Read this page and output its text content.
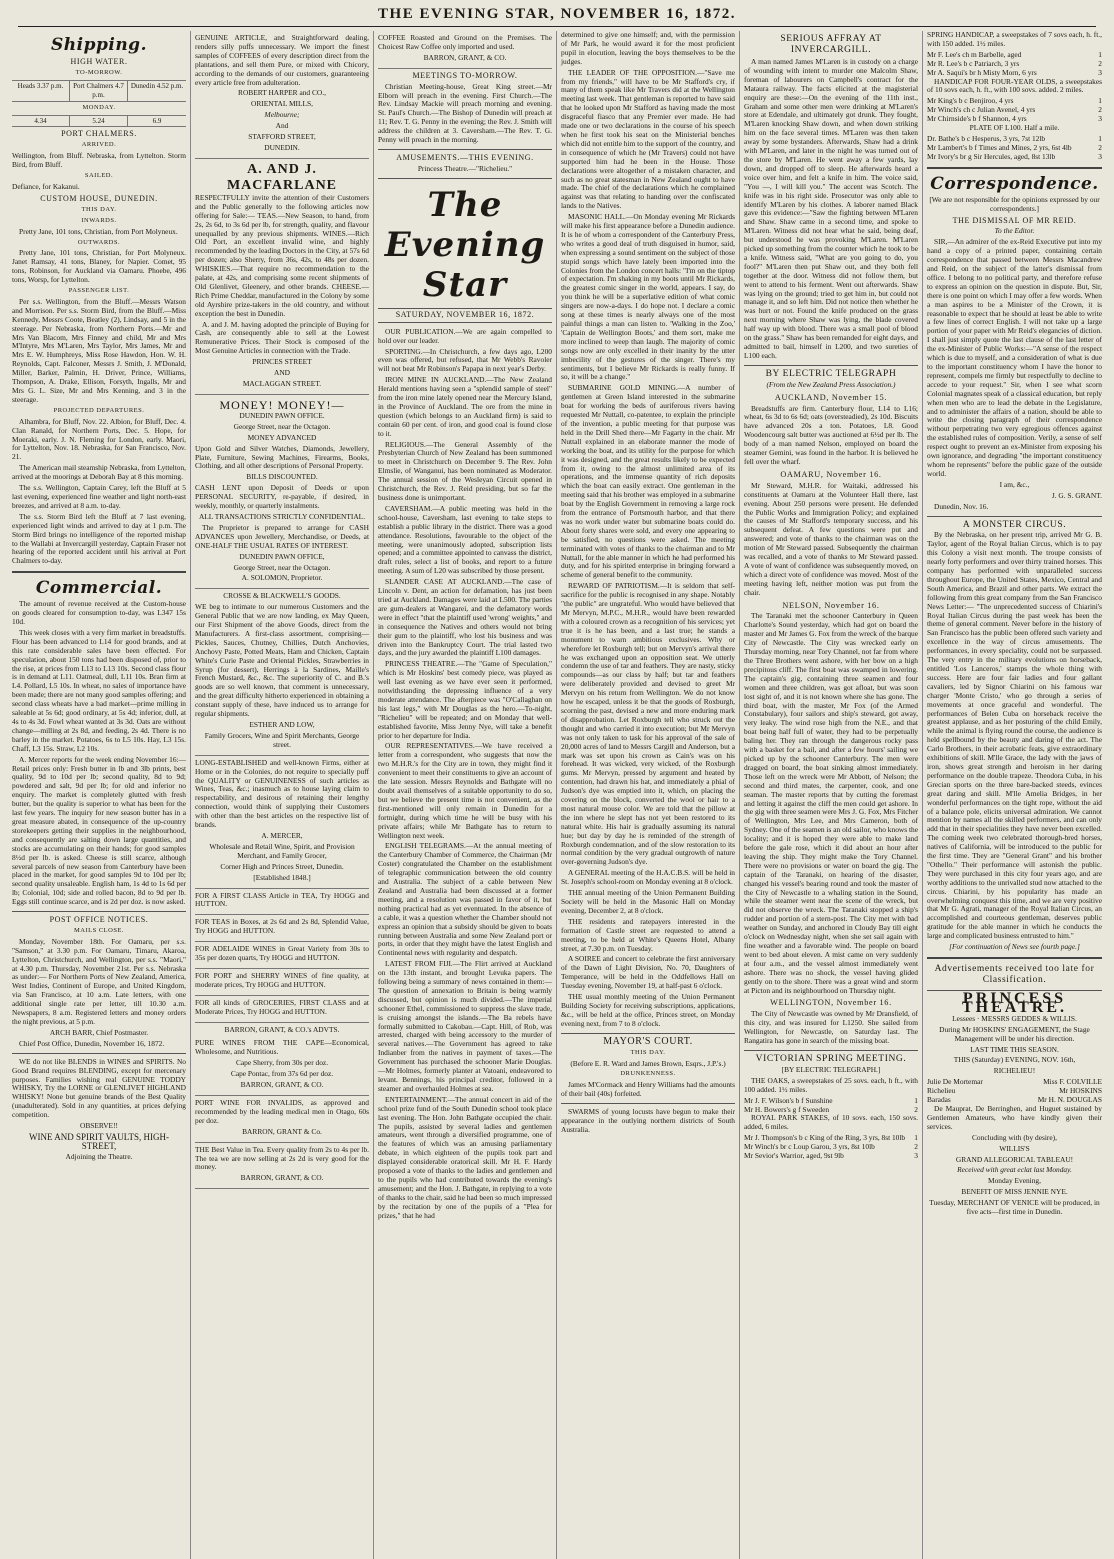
THE EVENING STAR, NOVEMBER 16, 1872.
Shipping.
HIGH WATER.
TO-MORROW.
Heads 3.37 p.m.	Port Chalmers 4.7 p.m.
Dunedin 4.52 p.m.
MONDAY.
4.34	5.24	6.9
PORT CHALMERS.
ARRIVED.

Wellington, from Bluff. Nebraska, from Lyttelton. Storm Bird, from Bluff.

SAILED.

Defiance, for Kakanui.

CUSTOM HOUSE, DUNEDIN.
THIS DAY.
INWARDS.

Pretty Jane, 101 tons, Christian, from Port Molyneux.

OUTWARDS.

Pretty Jane, 101 tons, Christian, for Port Molyneux. Janet Ramsay, 41 tons, Blaney, for Napier. Comet, 95 tons, Robinson, for Auckland via Oamaru. Phoebe, 496 tons, Worsp, for Lyttelton.

PASSENGER LIST.

Per s.s. Wellington, from the Bluff.—Messrs Watson and Morrison. Per s.s. Storm Bird, from the Bluff.—Miss Kennedy, Messrs Coote, Beatley (2), Lindsay, and 5 in the steerage. Per Nebraska, from Northern Ports.—Mr and Mrs Van Blacom, Mrs Finney and child, Mr and Mrs M'Intyre, Mrs M'Laren, Mrs Taylor, Mrs James, Mr and Mrs E. W. Humphreys, Miss Rose Hawdon, Hon. W. H. Reynolds, Capt. Falconer, Messrs J. Smith, J. M'Donald, Miller, Barker, Palmin, H. Driver, Prince, Williams, Thompson, A. Drake, Ellison, Forsyth, Ingalls, Mr and Mrs G. L. Size, Mr and Mrs Kenning, and 3 in the steerage.

PROJECTED DEPARTURES.

Alhambra, for Bluff, Nov. 22. Albion, for Bluff, Dec. 4. Clan Ranald, for Northern Ports, Dec. 5. Hope, for Moeraki, early. J. N. Fleming for London, early. Maori, for Lyttelton, Nov. 18. Nebraska, for San Francisco, Nov. 21.

The American mail steamship Nebraska, from Lyttelton, arrived at the moorings at Deborah Bay at 8 this morning.

The s.s. Wellington, Captain Carey, left the Bluff at 5 last evening, experienced fine weather and light north-east breezes, and arrived at 8 a.m. to-day.

The s.s. Storm Bird left the Bluff at 7 last evening, experienced light winds and arrived to day at 1 p.m. The Storm Bird brings no intelligence of the reported mishap to the Wallabi at Invercargill yesterday, Captain Fraser not hearing of the reported accident until his arrival at Port Chalmers to-day.

Commercial.

The amount of revenue received at the Custom-house on goods cleared for consumption to-day, was L347 15s 10d.

This week closes with a very firm market in breadstuffs. Flour has been advanced to L14 for good brands, and at this rate considerable sales have been effected. For speculation, about 150 tons had been disposed of, prior to the rise, at prices from L13 to L13 10s. Second class flour is in demand at L11. Oatmeal, dull, L11 10s. Bran firm at L4. Pollard, L5 10s. In wheat, no sales of importance have been made; there are not many good samples offering; and second class wheats have a bad market—prime milling in saleable at 5s 6d; good ordinary, at 5s 4d; inferior, dull, at 4s to 4s 3d. Fowl wheat wanted at 3s 3d. Oats are without change—milling at 2s 8d, and feeding, 2s 4d. There is no barley in the market. Potatoes, 6s to L5 10s. Hay, L3 15s. Chaff, L3 15s. Straw, L2 10s.

A. Mercer reports for the week ending November 16:—Retail prices only: Fresh butter in lb and 3lb prints, best quality, 9d to 10d per lb; second quality, 8d to 9d; powdered and salt, 9d per lb; for old and inferior no enquiry. The market is completely glutted with fresh butter, but the quality is superior to what has been for the last few years. The inquiry for new season butter has in a great measure abated, in consequence of the up-country storekeepers getting their supplies in the neighbourhood, and consequently are salting down large quantities, and stocks are accumulating on their hands; for good samples 8½d per lb. is asked. Cheese is still scarce, although several parcels of new season from Canterbury have been placed in the market, for good samples 9d to 10d per lb; second quality unsaleable. English ham, 1s 4d to 1s 6d per lb; Colonial, 10d; side and rolled bacon, 8d to 9d per lb. Eggs still continue scarce, and is 2d per doz. is now asked.

POST OFFICE NOTICES.
MAILS CLOSE.

Monday, November 18th. For Oamaru, per s.s. "Samson," at 3.30 p.m. For Oamaru, Timaru, Akaroa, Lyttelton, Christchurch, and Wellington, per s.s. "Maori," at 4.30 p.m. Thursday, November 21st. Per s.s. Nebraska as under:— For Northern Ports of New Zealand, America, West Indies, Continent of Europe, and United Kingdom, via San Francisco, at 10 a.m. Late letters, with one additional single rate per letter, till 10.30 a.m. Newspapers, 8 a.m. Registered letters and money orders the night previous, at 5 p.m.

ARCH BARR, Chief Postmaster.

Chief Post Office, Dunedin, November 16, 1872.

WE do not like BLENDS in WINES and SPIRITS. No Good Brand requires BLENDING, except for mercenary purposes. Families wishing real GENUINE TODDY WHISKY, Try the LORNE or GLENLIVET HIGHLAND WHISKY! None but genuine brands of the Best Quality (unadulterated). Sold in any quantities, at prices defying competition.

OBSERVE!!

WINE AND SPIRIT VAULTS, HIGH-STREET,

Adjoining the Theatre.

GENUINE ARTICLE, and Straightforward dealing, renders silly puffs unnecessary. We import the finest samples of COFFEES of every description direct from the plantations, and sell them Pure, or mixed with Chicory, according to the demands of our customers, guaranteeing every article free from adulteration.

ROBERT HARPER and CO.,

ORIENTAL MILLS,

Melbourne;

And

STAFFORD STREET,

DUNEDIN.

A. AND J. MACFARLANE

RESPECTFULLY invite the attention of their Customers and the Public generally to the following articles now offering for Sale:— TEAS.—New Season, to hand, from 2s, 2s 6d, to 3s 6d per lb, for strength, quality, and flavour unequalled by any previous shipments. WINES.—Rich Old Port, an excellent invalid wine, and highly recommended by the leading Doctors in the City, at 57s 6d per dozen; also Sherry, from 36s, 42s, to 48s per dozen. WHISKIES.—That require no recommendation to the palate, at 42s, and comprising some recent shipments of Old Glenlivet, Gleenery, and other brands. CHEESE.—Rich Prime Cheddar, manufactured in the Colony by some old Ayrshire prize-takers in the old country, and without exception the best in Dunedin.

A. and J. M. having adopted the principle of Buying for Cash, are consequently able to sell at the Lowest Remunerative Prices. Their Stock is composed of the Most Genuine Articles in connection with the Trade.

PRINCES STREET

AND

MACLAGGAN STREET.

MONEY! MONEY!—

DUNEDIN PAWN OFFICE.

George Street, near the Octagon.

MONEY ADVANCED

Upon Gold and Silver Watches, Diamonds, Jewellery, Plate, Furniture, Sewing Machines, Firearms, Books, Clothing, and all other descriptions of Personal Property.

BILLS DISCOUNTED.

CASH LENT upon Deposit of Deeds or upon PERSONAL SECURITY, re-payable, if desired, in weekly, monthly, or quarterly instalments.

ALL TRANSACTIONS STRICTLY CONFIDENTIAL.

The Proprietor is prepared to arrange for CASH ADVANCES upon Jewellery, Merchandise, or Deeds, at ONE-HALF THE USUAL RATES OF INTEREST.

DUNEDIN PAWN OFFICE,

George Street, near the Octagon.

A. SOLOMON, Proprietor.

CROSSE & BLACKWELL'S GOODS.

WE beg to intimate to our numerous Customers and the General Public that we are now landing, ex May Queen, our First Shipment of the above Goods, direct from the Manufacturers. A first-class assortment, comprising— Pickles, Sauces, Chutney, Chillies, Dutch Anchovies, Anchovy Paste, Potted Meats, Ham and Chicken, Captain White's Curie Paste and Oriental Pickles, Strawberries in Syrup (for dessert), Herrings à la Sardines, Maille's French Mustard, &c., &c. The superiority of C. and B.'s goods are so well known, that comment is unnecessary, and the great difficulty hitherto experienced in obtaining a constant supply of these, have induced us to arrange for regular shipments.

ESTHER AND LOW,

Family Grocers, Wine and Spirit Merchants, George street.

LONG-ESTABLISHED and well-known Firms, either at Home or in the Colonies, do not require to specially puff the QUALITY or GENUINENESS of such articles as Wines, Teas, &c.; inasmuch as to house laying claim to respectability, and desirous of retaining their lengthy connection, would think of supplying their Customers with other than the best articles on the respective list of brands.

A. MERCER,

Wholesale and Retail Wine, Spirit, and Provision Merchant, and Family Grocer,

Corner High and Princes Street, Dunedin.

[Established 1848.]

FOR A FIRST CLASS Article in TEA, Try HOGG and HUTTON.

FOR TEAS in Boxes, at 2s 6d and 2s 8d, Splendid Value, Try HOGG and HUTTON.

FOR ADELAIDE WINES in Great Variety from 30s to 35s per dozen quarts, Try HOGG and HUTTON.

FOR PORT and SHERRY WINES of fine quality, at moderate prices, Try HOGG and HUTTON.

FOR all kinds of GROCERIES, FIRST CLASS and at Moderate Prices, Try HOGG and HUTTON.

BARRON, GRANT, & CO.'s ADVTS.

PURE WINES FROM THE CAPE—Economical, Wholesome, and Nutritious.

Cape Sherry, from 30s per doz.

Cape Pontac, from 37s 6d per doz.

BARRON, GRANT, & CO.

PORT WINE FOR INVALIDS, as approved and recommended by the leading medical men in Otago, 60s per doz.

BARRON, GRANT & Co.

THE Best Value in Tea. Every quality from 2s to 4s per lb. The tea we are now selling at 2s 2d is very good for the money.

BARRON, GRANT, & CO.

COFFEE Roasted and Ground on the Premises. The Choicest Raw Coffee only imported and used.

BARRON, GRANT, & CO.

MEETINGS TO-MORROW.

Christian Meeting-house, Great King street.—Mr Elborn will preach in the evening. First Church.—The Rev. Lindsay Mackie will preach morning and evening. St. Paul's Church.—The Bishop of Dunedin will preach at 11; Rev. T. G. Penny in the evening; the Rev. J. Smith will address the children at 3. Caversham.—The Rev. T. G. Penny will preach in the morning.

AMUSEMENTS.—THIS EVENING.

Princess Theatre.—"Richelieu."

The Evening Star
SATURDAY, NOVEMBER 16, 1872.

OUR PUBLICATION.—We are again compelled to hold over our leader.

SPORTING.—In Christchurch, a few days ago, L200 even was offered, but refused, that Mr Webb's Ravoler will not beat Mr Robinson's Papapa in next year's Derby.

IRON MINE IN AUCKLAND.—The New Zealand Herald mentions having seen a "splendid sample of steel" from the iron mine lately opened near the Mercury Island, in the Province of Auckland. The ore from the mine in question (which belongs to an Auckland firm) is said to contain 60 per cent. of iron, and good coal is found close to it.

RELIGIOUS.—The General Assembly of the Presbyterian Church of New Zealand has been summoned to meet in Christchurch on December 9. The Rev. John Elmslie, of Wanganui, has been nominated as Moderator. The annual session of the Wesleyan Circuit opened in Christchurch, the Rev. J. Reid presiding, but so far the business done is unimportant.

CAVERSHAM.—A public meeting was held in the school-house, Caversham, last evening to take steps to establish a public library in the district. There was a good attendance. Resolutions, favourable to the object of the meeting, were unanimously adopted, subscription lists opened; and a committee appointed to canvass the district, draft rules, select a list of books, and report to a future meeting. A sum of L20 was subscribed by those present.

SLANDER CASE AT AUCKLAND.—The case of Lincoln v. Dent, an action for defamation, has just been tried at Auckland. Damages were laid at L500. The parties are gum-dealers at Wangarei, and the defamatory words were in effect "that the plaintiff used 'wrong' weights," and in consequence the Natives and others would not bring their gum to the plaintiff, who lost his business and was driven into the Bankruptcy Court. The trial lasted two days, and the jury awarded the plaintiff L100 damages.

PRINCESS THEATRE.—The "Game of Speculation," which is Mr Hoskins' best comedy piece, was played as well last evening as we have ever seen it performed, notwithstanding the depressing influence of a very moderate attendance. The afterpiece was "O'Callaghan on his last legs," with Mr Douglas as the hero.—To-night, "Richelieu" will be repeated; and on Monday that well-established favorite, Miss Jenny Nye, will take a benefit prior to her departure for India.

OUR REPRESENTATIVES.—We have received a letter from a correspondent, who suggests that now the two M.H.R.'s for the City are in town, they might find it convenient to meet their constituents to give an account of the late session. Messrs Reynolds and Bathgate will no doubt avail themselves of a suitable opportunity to do so, but we believe the present time is not convenient, as the first-mentioned will only remain in Dunedin for a fortnight, during which time he will be busy with his private affairs; while Mr Bathgate has to return to Wellington next week.

ENGLISH TELEGRAMS.—At the annual meeting of the Canterbury Chamber of Commerce, the Chairman (Mr Coster) congratulated the Chamber on the establishment of telegraphic communication between the old country and Australia. The subject of a cable between New Zealand and Australia had been discussed at a former meeting, and a resolution was passed in favor of it, but nothing practical had as yet eventuated. In the absence of a cable, it was a question whether the Chamber should not express an opinion that a subsidy should be given to boats running between Australia and some New Zealand port or ports, in order that they might have the latest English and Continental news with regularity and despatch.

LATEST FROM FIJI.—The Flirt arrived at Auckland on the 13th instant, and brought Levuka papers. The following being a summary of news contained in them:—The question of annexation to Britain is being warmly discussed, but opinion is much divided.—The imperial schooner Ethel, commissioned to suppress the slave trade, is cruising amongst the islands.—The Ba rebels have formally submitted to Cakobau.—Capt. Hill, of Rob, was arrested, charged with being accessory to the murder of several natives.—The Government has agreed to take Indianber from the natives in payment of taxes.—The Government has purchased the schooner Marie Douglas.—Mr Holmes, formerly planter at Vatoani, endeavored to levant. Bennings, his principal creditor, followed in a steamer and overhauled Holmes at sea.

ENTERTAINMENT.—The annual concert in aid of the school prize fund of the South Dunedin school took place last evening. The Hon. John Bathgate occupied the chair. The pupils, assisted by several ladies and gentlemen amateurs, went through a diversified programme, one of the features of which was an amusing parliamentary debate, in which eighteen of the pupils took part and displayed considerable oratorical skill. Mr H. F. Hardy proposed a vote of thanks to the ladies and gentlemen and to the pupils who had contributed towards the evening's amusement; and the Hon. J. Bathgate, in replying to a vote of thanks to the chair, said he had been so much impressed by the recitation by one of the pupils of a "Plea for prizes," that he had

determined to give one himself; and, with the permission of Mr Park, he would award it for the most proficient pupil in elocution, leaving the boys themselves to be the judges.

THE LEADER OF THE OPPOSITION.—"Save me from my friends," will have to be Mr Stafford's cry, if many of them speak like Mr Travers did at the Wellington meeting last week. That gentleman is reported to have said that he looked upon Mr Stafford as having made the most disgraceful fiasco that any Premier ever made. He had made one or two declarations in the course of his speech when he first took his seat on the Ministerial benches which did not entitle him to the support of the country, and in consequence of which he (Mr Travers) could not have supported him had he been in the House. Those declarations were altogether of a mistaken character, and such as no great statesman in New Zealand ought to have made. The chief of the declarations which he complained against was that relating to handing over the confiscated lands to the Natives.

MASONIC HALL.—On Monday evening Mr Rickards will make his first appearance before a Dunedin audience. It is he of whom a correspondent of the Canterbury Press, who writes a good deal of truth disguised in humor, said, when expressing a sound sentiment on the subject of those stupid songs which have lately been imported into the Colonies from the London concert halls: "I'm on the tiptop of expectation. I'm shaking in my boots until Mr Rickards, the greatest comic singer in the world, appears. I say, do you think he will be a superlative edition of what comic singers are now-a-days. I do hope not. I declare a comic song at these times is nearly always one of the most painful things a man can listen to. 'Walking in the Zoo,' 'Captain de Wellington Boots,' and them sort, make me more inclined to weep than laugh. The majority of comic songs now are only excelled in their inanity by the utter imbecility of the gestures of the singer. There's my sentiments, but I believe Mr Rickards is really funny. If so, it will be a change."

SUBMARINE GOLD MINING.—A number of gentlemen at Green Island interested in the submarine boat for working the beds of auriferous rivers having requested Mr Nuttall, co-patentee, to explain the principle of the invention, a public meeting for that purpose was held in the Drill Shed there—Mr Fagarty in the chair. Mr Nuttall explained in an elaborate manner the mode of working the boat, and its utility for the purpose for which it was designed, and the great results likely to be expected from it, owing to the almost unlimited area of its operations, and the immense quantity of rich deposits which the boat can easily extract. One gentleman in the meeting said that his brother was employed in a submarine boat by the English Government in removing a large rock from the entrance of Portsmouth harbor, and that there was no work under water but submarine boats could do. About forty shares were sold, and every one appearing to be satisfied, no questions were asked. The meeting terminated with votes of thanks to the chairman and to Mr Nuttall, for the able manner in which he had performed his duty, and for his spirited enterprise in bringing forward a scheme of general benefit to the community.

REWARD OF PATRIOTISM.—It is seldom that self-sacrifice for the public is recognised in any shape. Notably "the public" are ungrateful. Who would have believed that Mr Mervyn, M.P.C., M.H.R., would have been rewarded with a coloured crown as a recognition of his services; yet true it is he has been, and a last true; he stands a monument to warn ambitious exclusives. Why or wherefore let Roxburgh tell; but on Mervyn's arrival there he was exchanged upon an opposition seat. We utterly condemn the use of tar and feathers. They are nasty, sticky compounds—as our class by half; but tar and feathers were deliberately provided and devised to greet Mr Mervyn on his return from Wellington. We do not know how he escaped, unless it be that the goods of Roxburgh, scorning the past, devised a new and more enduring mark of disapprobation. Let Roxburgh tell who struck out the thought and who carried it into execution; but Mr Mervyn was not only taken to task for his approval of the sale of 20,000 acres of land to Messrs Cargill and Anderson, but a mark was set upon his crown as Cain's was on his forehead. It was wicked, very wicked, of the Roxburgh gums. Mr Mervyn, pressed by argument and heated by contention, had drawn his hat, and immediately a phial of Judson's dye was emptied into it, which, on placing the covering on the block, converted the wool or hair to a most natural mouse color. We are told that the pillow at the inn where he slept has not yet been restored to its natural white. His hair is gradually assuming its natural hue; but day by day he is reminded of the strength of Roxburgh condemnation, and of the slow restoration to its normal condition by the very gradual outgrowth of nature over-governing Judson's dye.

A GENERAL meeting of the H.A.C.B.S. will be held in St. Joseph's school-room on Monday evening at 8 o'clock.

THE annual meeting of the Union Permanent Building Society will be held in the Masonic Hall on Monday evening, December 2, at 8 o'clock.

THE residents and ratepayers interested in the formation of Castle street are requested to attend a meeting, to be held at White's Queens Hotel, Albany street, at 7.30 p.m. on Tuesday.

A SOIREE and concert to celebrate the first anniversary of the Dawn of Light Division, No. 70, Daughters of Temperance, will be held in the Oddfellows Hall on Tuesday evening, November 19, at half-past 6 o'clock.

THE usual monthly meeting of the Union Permanent Building Society for receiving subscriptions, applications, &c., will be held at the office, Princes street, on Monday evening next, from 7 to 8 o'clock.

MAYOR'S COURT.
THIS DAY.

(Before E. R. Ward and James Brown, Esqrs., J.P.'s.)

DRUNKENNESS.

James M'Cormack and Henry Williams had the amounts of their bail (40s) forfeited.

SWARMS of young locusts have begun to make their appearance in the outlying northern districts of South Australia.

SERIOUS AFFRAY AT INVERCARGILL.

A man named James M'Laren is in custody on a charge of wounding with intent to murder one Malcolm Shaw, foreman of labourers on Campbell's contract for the Mataura railway. The facts elicited at the magisterial enquiry are these:—On the evening of the 11th inst., Graham and some other men were drinking at M'Laren's store at Edendale, and ultimately got drunk. They fought, M'Laren knocking Shaw down, and when down striking him on the face several times. M'Laren was then taken away by some bystanders. Afterwards, Shaw had a drink with M'Laren, and later in the night he was turned out of the store by M'Laren. He went away a few yards, lay down, and dropped off to sleep. He afterwards heard a voice over him, and felt a knife in him. The voice said, "You —, I will kill you." The accent was Scotch. The knife was in his right side. Prosecutor was only able to identify M'Laren by his clothes. A laborer named Black gave this evidence:—"Saw the fighting between M'Laren and Shaw. Shaw came in a second time, and spoke to M'Laren. Witness did not hear what he said, being deaf, but understood he was provoking M'Laren. M'Laren picked up something from the counter which he took to be a knife. Witness said, "What are you going to do, you fool?" M'Laren then put Shaw out, and they both fell together at the door. Witness did not follow them, but went to attend to his ferment. Went out afterwards. Shaw was lying on the ground; tried to get him in, but could not manage it, and so left him. Did not notice then whether he was hurt or not. Found the knife produced on the grass next morning where Shaw was lying, the blade covered half way up with blood. There was a small pool of blood on the grass." Shaw has been remanded for eight days, and admitted to bail, himself in L200, and two sureties of L100 each.

BY ELECTRIC TELEGRAPH

(From the New Zealand Press Association.)

AUCKLAND, November 15.

Breadstuffs are firm. Canterbury flour, L14 to L16; wheat, 6s 3d to 6s 6d; oats (oversteadied), 2s 10d. Biscuits have advanced 20s a ton. Potatoes, L8. Good Woodencourg salt butter was auctioned at 6½d per lb. The body of a man named Nelson, employed on board the steamer Gemini, was found in the harbor. It is believed he fell over the wharf.

OAMARU, November 16.

Mr Steward, M.H.R. for Waitaki, addressed his constituents at Oamaru at the Volunteer Hall there, last evening. About 250 persons were present. He defended the Public Works and Immigration Policy; and explained the causes of Mr Stafford's temporary success, and his subsequent defeat. A few questions were put and answered; and vote of thanks to the chairman was on the motion of Mr Steward passed. Subsequently the chairman was recalled, and a vote of thanks to Mr Steward passed. A vote of want of confidence was subsequently moved, on which a direct vote of confidence was moved. Most of the meeting having left, neither motion was put from the chair.

NELSON, November 16.

The Taranaki met the schooner Canterbury in Queen Charlotte's Sound yesterday, which had got on board the master and Mr James G. Fox from the wreck of the barque City of Newcastle. The City was wrecked early on Thursday morning, near Tory Channel, not far from where the Three Brothers went ashore, with her bow on a high precipitous cliff. The first boat was swamped in lowering. The captain's gig, containing three seamen and four women and three children, was got afloat, but was soon lost sight of, and it is not known where she has gone. The third boat, with the master, Mr Fox (of the Armed Constabulary), four sailors and ship's steward, got away, very leaky. The wind rose high from the N.E., and that boat being half full of water, they had to be perpetually baling her. They ran through the dangerous rocky pass with a basket for a bail, and after a few hours' sailing we picked up by the schooner Canterbury. The men were dragged on board, the boat sinking almost immediately. Those left on the wreck were Mr Abbott, of Nelson; the second and third mates, the carpenter, cook, and one seaman. The master reports that by cutting the foremast and letting it against the cliff the men could get ashore. In the gig with three seamen were Mrs J. G. Fox, Mrs Fitcher of Wellington, Mrs Lee, and Mrs Cameron, both of Sydney. One of the seamen is an old sailor, who knows the locality; and it is hoped they were able to make land before the gale rose, which it did about an hour after leaving the ship. They might make the Tory Channel. There were no provisions or water on board the gig. The captain of the Taranaki, on hearing of the disaster, changed his vessel's bearing round and took the master of the City of Newcastle to a whaling station in the Sound, while the steamer went near the scene of the wreck, but did not observe the wreck. The Taranaki stopped a ship's rudder and portion of a stern-post. The City met with bad weather on Sunday, and anchored in Cloudy Bay till eight o'clock on Wednesday night, when she set sail again with fine weather and a favorable wind. The people on board went to bed about eleven. A mist came on very suddenly at four a.m., and the vessel almost immediately went ashore. There was no shock, the vessel having glided gently on to the shore. There was a great wind and storm at Picton and its neighbourhood on Thursday night.

WELLINGTON, November 16.

The City of Newcastle was owned by Mr Dransfield, of this city, and was insured for L1250. She sailed from Wellington, for Newcastle, on Saturday last. The Rangatira has gone in search of the missing boat.

VICTORIAN SPRING MEETING.

[BY ELECTRIC TELEGRAPH.]

THE OAKS, a sweepstakes of 25 sovs. each, h ft., with 100 added. 1½ miles.

Mr J. F. Wilson's b f Sunshine	1
Mr H. Bowers's g f Sweeden	2

ROYAL PARK STAKES, of 10 sovs. each, 150 sovs. added, 6 miles.

Mr J. Thompson's b c King of the Ring, 3 yrs, 8st 10lb 1
Mr Winch's br c Loup Garou, 3 yrs, 8st 10lb	2
Mr Sevior's Warrior, aged, 9st 9lb	3

SPRING HANDICAP, a sweepstakes of 7 sovs each, h. ft., with 150 added. 1½ miles.

Mr F. Lee's ch m Barbelle, aged	1
Mr R. Lee's b c Patriarch, 3 yrs	2
Mr A. Saqui's br h Misty Morn, 6 yrs	3

HANDICAP FOR FOUR-YEAR OLDS, a sweepstakes of 10 sovs each, h. ft., with 100 sovs. added. 2 miles.

Mr King's b c Benjiroo, 4 yrs	1
Mr Winch's ch c Julian Avenel, 4 yrs	2
Mr Chirnside's b f Shannon, 4 yrs	3

PLATE OF L100. Half a mile.

Dr. Bathe's b c Hesperus, 3 yrs, 7st 12lb	1
Mr Lambert's b f Times and Mines, 2 yrs, 6st 4lb	2
Mr Ivory's br g Sir Hercules, aged, 8st 13lb	3
Correspondence.

[We are not responsible for the opinions expressed by our correspondents.]

THE DISMISSAL OF MR REID.

To the Editor.

SIR,—An admirer of the ex-Reid Executive put into my hand a copy of a printed paper, containing certain correspondence that passed between Messrs Macandrew and Reid, on the subject of the latter's dismissal from office. I belong to no political party, and therefore refuse to express an opinion on the question in dispute. But, Sir, there is one point on which I may offer a few words. When a man aspires to be a Minister of the Crown, it is reasonable to expect that he should at least be able to write a few lines of correct English. I will not take up a large portion of your paper with Mr Reid's elegancies of diction. I shall just simply quote the last clause of the last letter of the ex-Minister of Public Works:—"A sense of the respect which is due to myself, and a consideration of what is due to the important constituency whom I have the honor to represent, compels me firmly but respectfully to decline to accede to your request." Sir, when I see what scorn Colonial magnates speak of a classical education, but reply when men who are to lead the debate in the Legislature, and to administer the affairs of a nation, should be able to write the closing paragraph of their correspondence without perpetrating two very egregious offences against the established rules of composition. Verily, a sense of self respect ought to prevent an ex-Minister from exposing his own ignorance, and degrading "the important constituency whom he represents" before the public gaze of the outside world.

I am, &c.,

J. G. S. GRANT.

Dunedin, Nov. 16.

A MONSTER CIRCUS.

By the Nebraska, on her present trip, arrived Mr G. B. Taylor, agent of the Royal Italian Circus, which is to pay this Colony a visit next month. The troupe consists of nearly forty performers and over thirty trained horses. This company has performed with unparalleled success throughout Europe, the United States, Mexico, Central and South America, and Brazil and other parts. We extract the following from this great company from the San Francisco News Letter:— "The unprecedented success of Chiarini's Royal Italian Circus during the past week has been the theme of general comment. Never before in the history of San Francisco has the public been offered such variety and excellence in the way of circus amusements. The performances, in every speciality, could not be surpassed. The very entry in the military evolutions on horseback, entitled 'Los Lanceros,' stamps the whole thing with success. Here are four fair ladies and four gallant cavaliers, led by Signor Chiarini on his famous war charger 'Monte Cristo,' who go through a series of movements at once graceful and wonderful. The performances of Belen Cuba on horseback receive the greatest applause, and as her posturing of the child Emily, while the animal is flying round the course, the audience is held spellbound by the beauty and daring of the act. The Carlo Brothers, in their acrobatic feats, give extraordinary exhibitions of skill. M'lle Grace, the lady with the jaws of iron, shows great strength and heroism in her daring performance on the double trapeze. Theodora Cuba, in his Grecian sports on the three bare-backed steeds, evinces great daring and skill. M'lle Amelia Bridges, in her wonderful performances on the tight rope, without the aid of a balance pole, elicits universal admiration. We cannot mention by names all the skilled performers, and can only add that in their specialities they have never been excelled. The coming week two celebrated thorough-bred horses, natives of California, will be introduced to the public for the first time. They are "General Grant" and his brother "Othello." Their performance will astonish the public. They were purchased in this city four years ago, and are worthy additions to the unrivalled stud now attached to the circus. Chiarini, by his popularity has made an overwhelming conquest this time, and we are very positive that Mr G. Agrati, manager of the Royal Italian Circus, an accomplished and courteous gentleman, deserves public gratitude for the able manner in which he conducts the large and complicated business entrusted to him."

[For continuation of News see fourth page.]

Advertisements received too late for Classification.
PRINCESS THEATRE.

Lessees · MESSRS GEDDES & WILLIS.

During Mr HOSKINS' ENGAGEMENT, the Stage Management will be under his direction.

LAST TIME THIS SEASON.

THIS (Saturday) EVENING, NOV. 16th,

RICHELIEU!

Julie De Mortemar	Miss F. COLVILLE
Richelieu	Mr HOSKINS
Baradas	Mr H. N. DOUGLAS

De Mauprat, De Berringhen, and Huguet sustained by Gentlemen Amateurs, who have kindly given their services.

Concluding with (by desire),

WILLIS'S

GRAND ALLEGORICAL TABLEAU!

Received with great eclat last Monday.

Monday Evening,

BENEFIT OF MISS JENNIE NYE.

Tuesday, MERCHANT OF VENICE will be produced, in five acts—first time in Dunedin.
